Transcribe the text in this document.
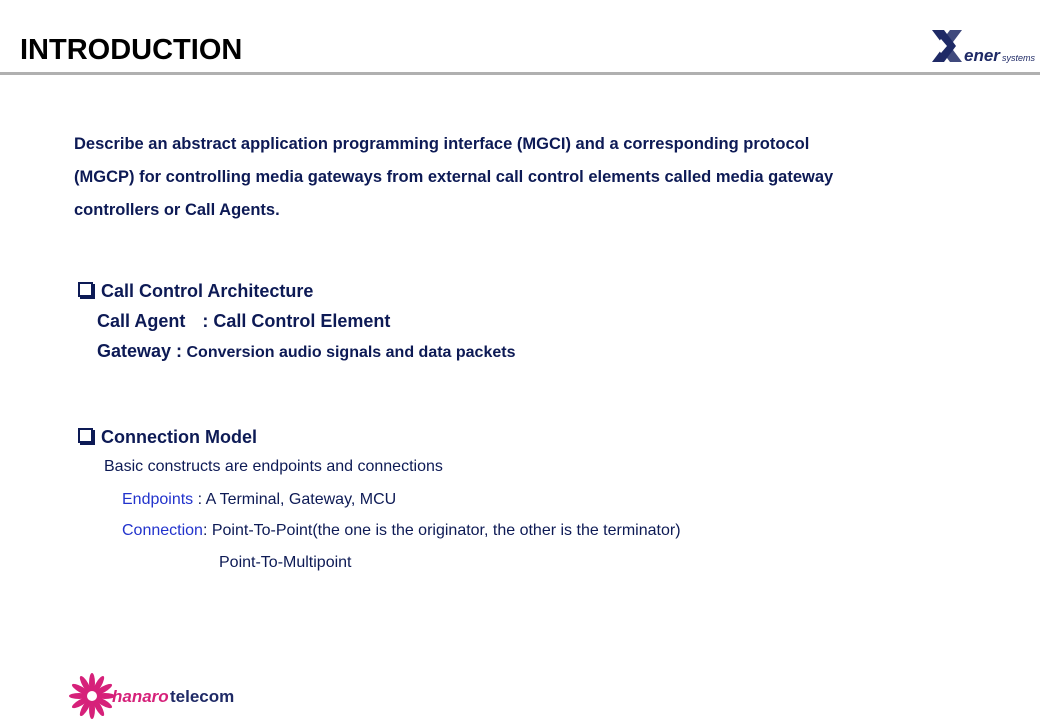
INTRODUCTION	ener systems
Describe an abstract application programming interface (MGCI) and a corresponding protocol
(MGCP) for controlling media gateways from external call control elements called media gateway
controllers or Call Agents.
Call Control Architecture
Call Agent : Call Control Element
Gateway : Conversion audio signals and data packets
Connection Model
Basic constructs are endpoints and connections
Endpoints : A Terminal, Gateway, MCU
Connection: Point-To-Point(the one is the originator, the other is the terminator)
Point-To-Multipoint
hanaro telecom
